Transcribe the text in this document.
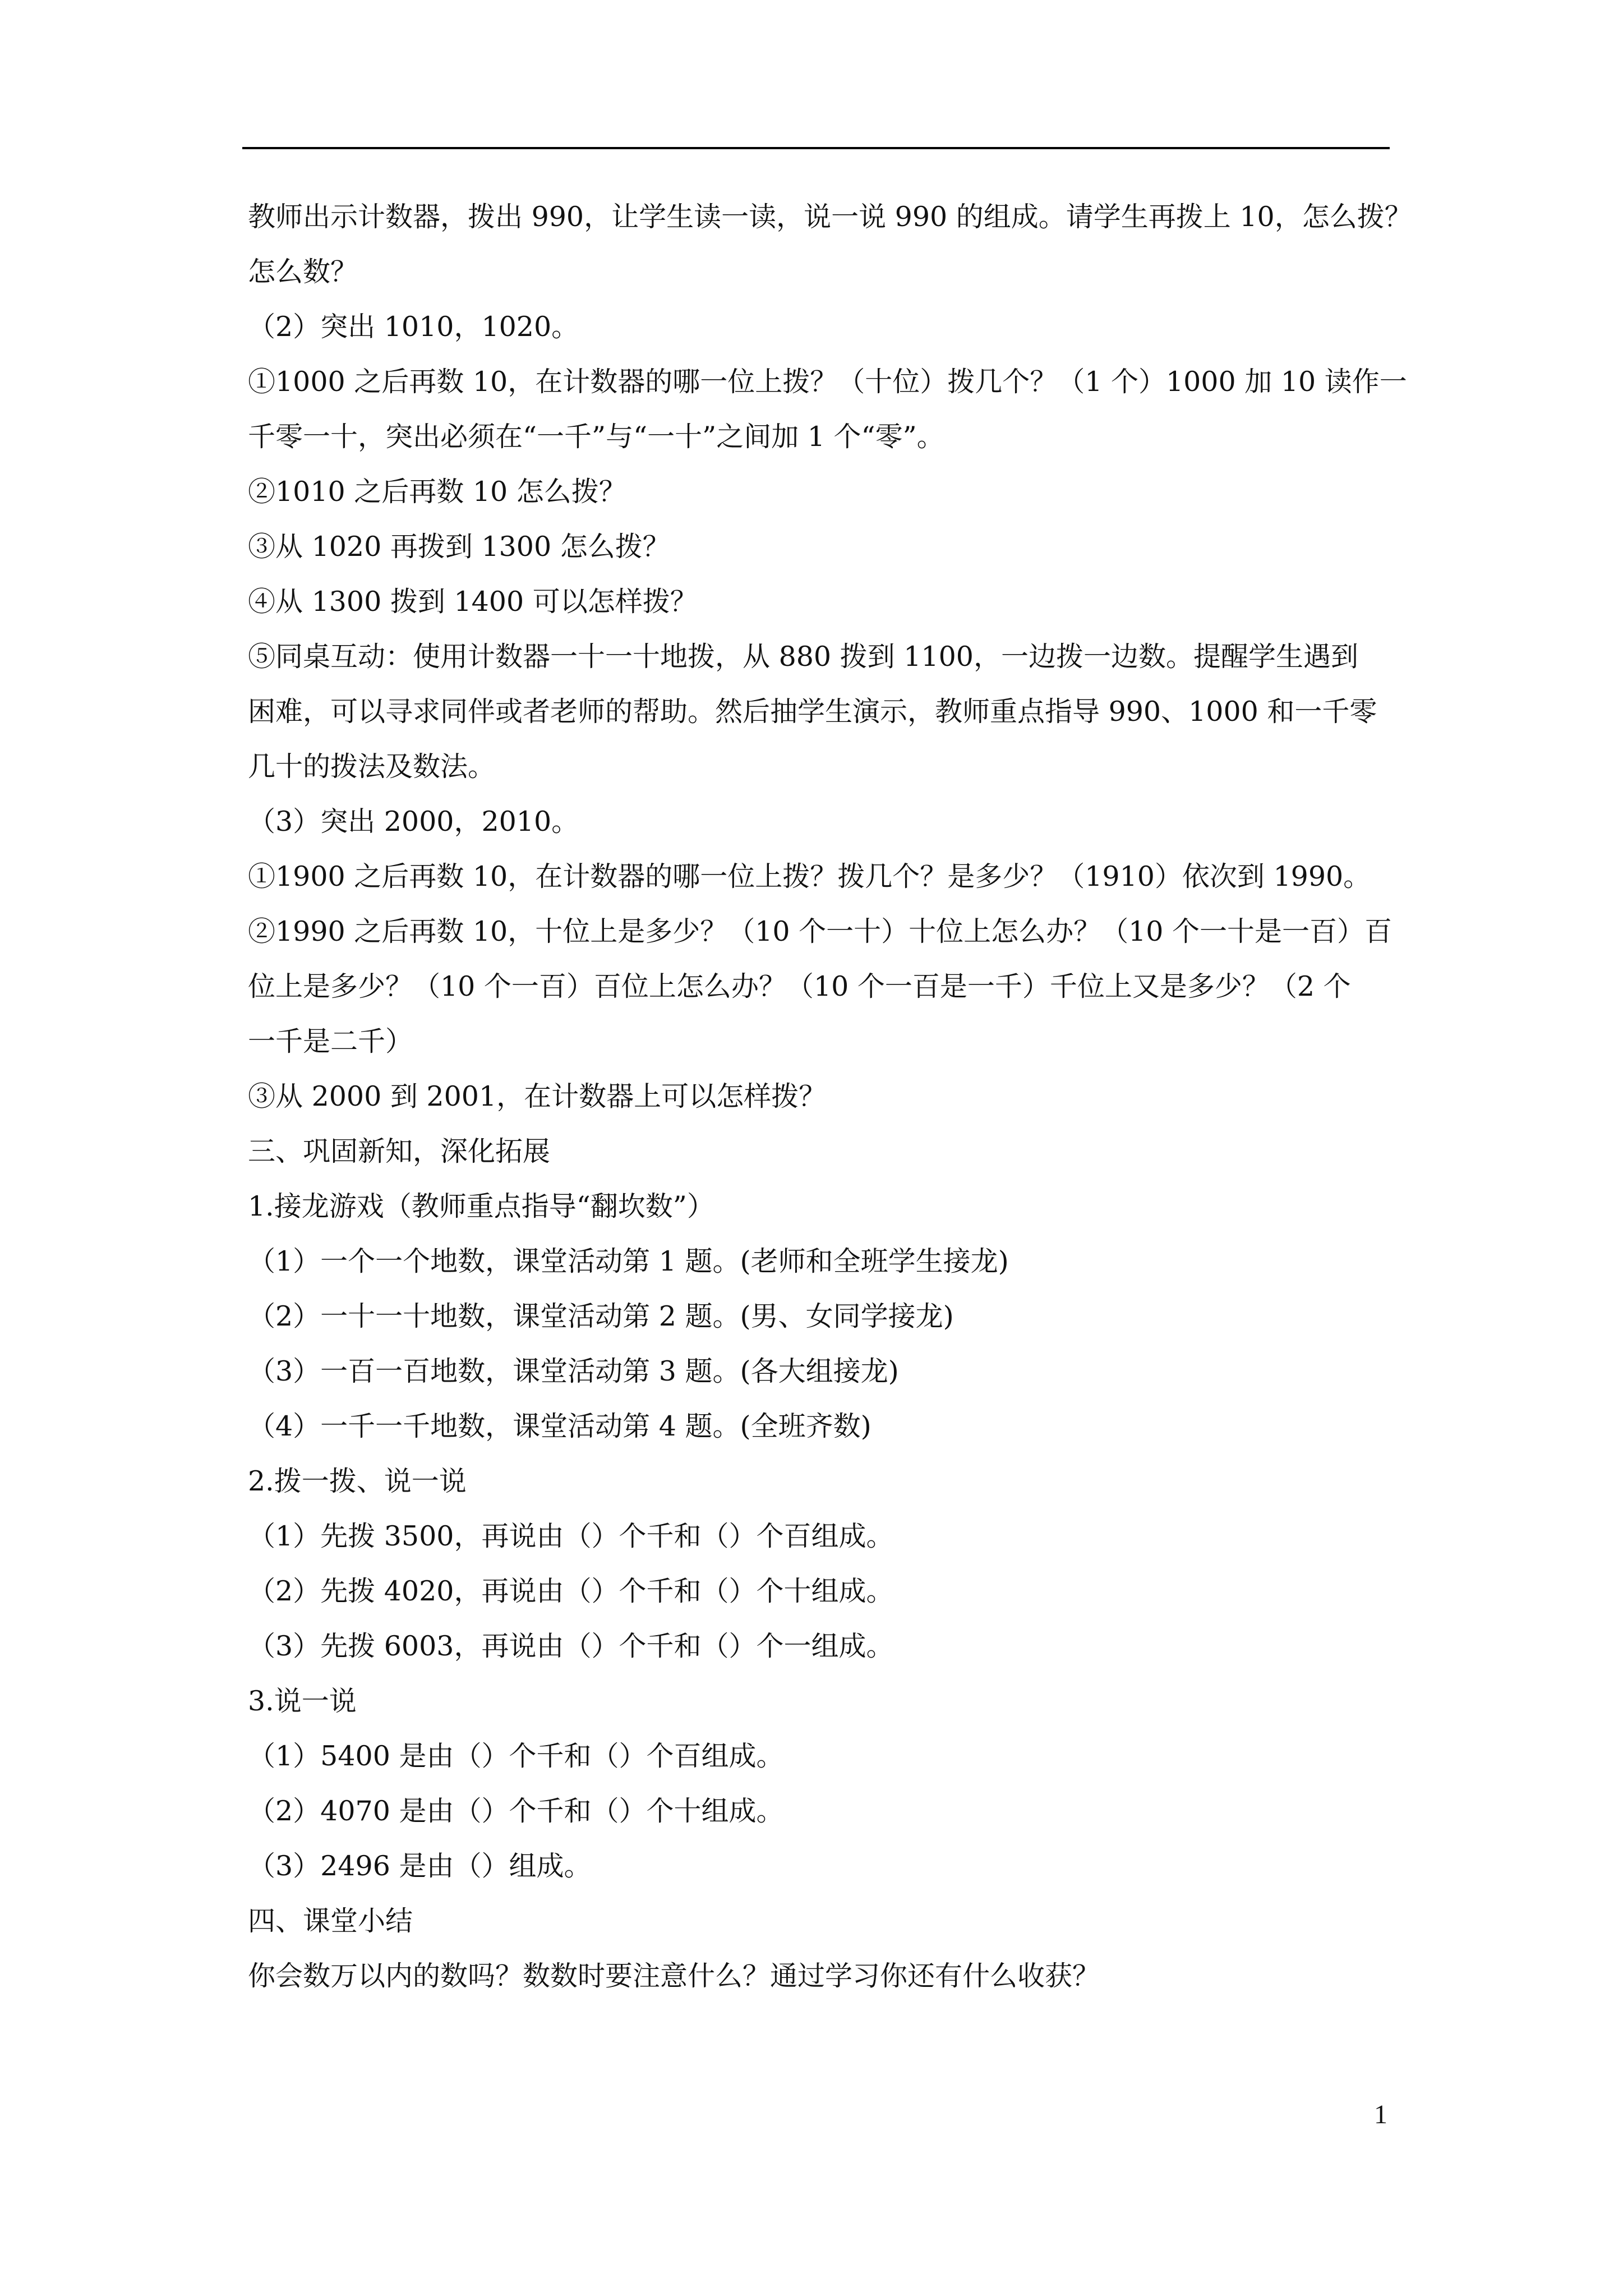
教师出示计数器，拨出 990，让学生读一读，说一说 990 的组成。请学生再拨上 10，怎么拨？
怎么数？
（2）突出 1010，1020。
①1000 之后再数 10，在计数器的哪一位上拨？（十位）拨几个？（1 个）1000 加 10 读作一
千零一十，突出必须在“一千”与“一十”之间加 1 个“零”。
②1010 之后再数 10 怎么拨？
③从 1020 再拨到 1300 怎么拨？
④从 1300 拨到 1400 可以怎样拨？
⑤同桌互动：使用计数器一十一十地拨，从 880 拨到 1100，一边拨一边数。提醒学生遇到
困难，可以寻求同伴或者老师的帮助。然后抽学生演示，教师重点指导 990、1000 和一千零
几十的拨法及数法。
（3）突出 2000，2010。
①1900 之后再数 10，在计数器的哪一位上拨？拨几个？是多少？（1910）依次到 1990。
②1990 之后再数 10，十位上是多少？（10 个一十）十位上怎么办？（10 个一十是一百）百
位上是多少？（10 个一百）百位上怎么办？（10 个一百是一千）千位上又是多少？（2 个
一千是二千）
③从 2000 到 2001，在计数器上可以怎样拨？
三、巩固新知，深化拓展
1.接龙游戏（教师重点指导“翻坎数”）
（1）一个一个地数，课堂活动第 1 题。(老师和全班学生接龙)
（2）一十一十地数，课堂活动第 2 题。(男、女同学接龙)
（3）一百一百地数，课堂活动第 3 题。(各大组接龙)
（4）一千一千地数，课堂活动第 4 题。(全班齐数)
2.拨一拨、说一说
（1）先拨 3500，再说由（）个千和（）个百组成。
（2）先拨 4020，再说由（）个千和（）个十组成。
（3）先拨 6003，再说由（）个千和（）个一组成。
3.说一说
（1）5400 是由（）个千和（）个百组成。
（2）4070 是由（）个千和（）个十组成。
（3）2496 是由（）组成。
四、课堂小结
你会数万以内的数吗？数数时要注意什么？通过学习你还有什么收获？
1
